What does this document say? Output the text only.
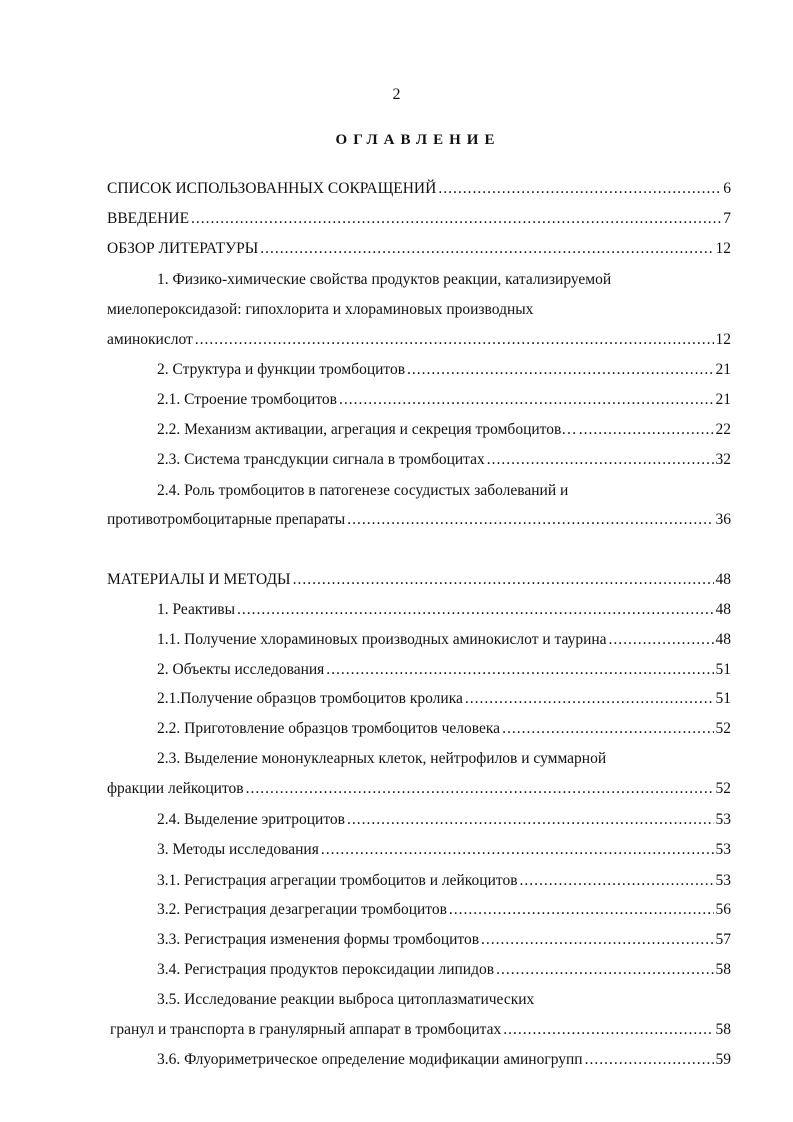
2
ОГЛАВЛЕНИЕ
СПИСОК ИСПОЛЬЗОВАННЫХ СОКРАЩЕНИЙ .....	6
ВВЕДЕНИЕ .....	7
ОБЗОР ЛИТЕРАТУРЫ .....	12
1. Физико-химические свойства продуктов реакции, катализируемой
миелопероксидазой: гипохлорита и хлораминовых производных
аминокислот .....	12
2. Структура и функции тромбоцитов .....	21
2.1. Строение тромбоцитов .....	21
2.2. Механизм активации, агрегация и секреция тромбоцитов… .....	22
2.3. Система трансдукции сигнала в тромбоцитах .....	32
2.4. Роль тромбоцитов в патогенезе сосудистых заболеваний и
противотромбоцитарные препараты .....	36
МАТЕРИАЛЫ И МЕТОДЫ .....	48
1. Реактивы .....	48
1.1. Получение хлораминовых производных аминокислот и таурина .....	48
2. Объекты исследования .....	51
2.1.Получение образцов тромбоцитов кролика .....	51
2.2. Приготовление образцов тромбоцитов человека .....	52
2.3. Выделение мононуклеарных клеток, нейтрофилов и суммарной
фракции лейкоцитов .....	52
2.4. Выделение эритроцитов .....	53
3. Методы исследования .....	53
3.1. Регистрация агрегации тромбоцитов и лейкоцитов .....	53
3.2. Регистрация дезагрегации тромбоцитов .....	56
3.3. Регистрация изменения формы тромбоцитов .....	57
3.4. Регистрация продуктов пероксидации липидов .....	58
3.5. Исследование реакции выброса цитоплазматических
гранул и транспорта в гранулярный аппарат в тромбоцитах .....	58
3.6. Флуориметрическое определение модификации аминогрупп .....	59
